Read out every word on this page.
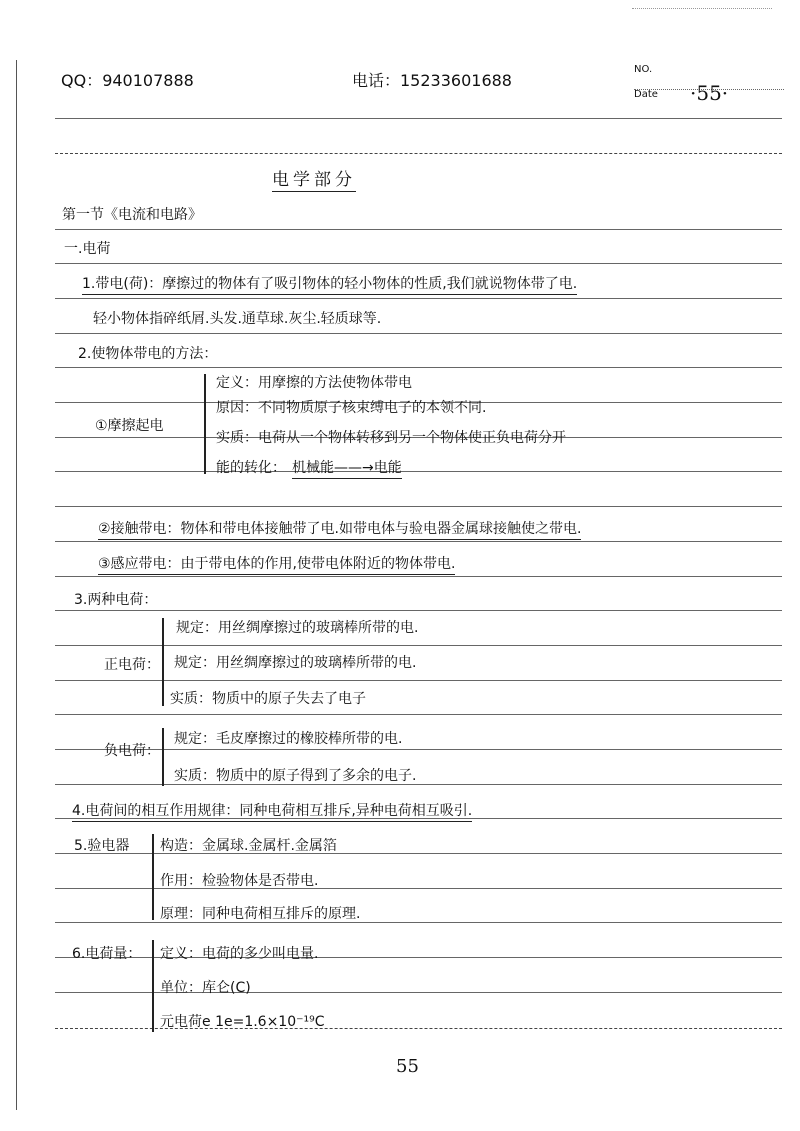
QQ：940107888	电话：15233601688
NO.
Date ·55·
电学部分
第一节《电流和电路》
一.电荷
1.带电(荷)：摩擦过的物体有了吸引物体的轻小物体的性质,我们就说物体带了电.
轻小物体指碎纸屑.头发.通草球.灰尘.轻质球等.
2.使物体带电的方法：
①摩擦起电
定义：用摩擦的方法使物体带电
原因：不同物质原子核束缚电子的本领不同.
实质：电荷从一个物体转移到另一个物体使正负电荷分开
能的转化： 机械能——→电能
②接触带电：物体和带电体接触带了电.如带电体与验电器金属球接触使之带电.
③感应带电：由于带电体的作用,使带电体附近的物体带电.
3.两种电荷：
正电荷：
规定：用丝绸摩擦过的玻璃棒所带的电.
规定：用丝绸摩擦过的玻璃棒所带的电.
实质：物质中的原子失去了电子
负电荷：
规定：毛皮摩擦过的橡胶棒所带的电.
实质：物质中的原子得到了多余的电子.
4.电荷间的相互作用规律：同种电荷相互排斥,异种电荷相互吸引.
5.验电器 构造：金属球.金属杆.金属箔
作用：检验物体是否带电.
原理：同种电荷相互排斥的原理.
6.电荷量： 定义：电荷的多少叫电量.
单位：库仑(C)
元电荷e 1e=1.6×10⁻¹⁹C
55
